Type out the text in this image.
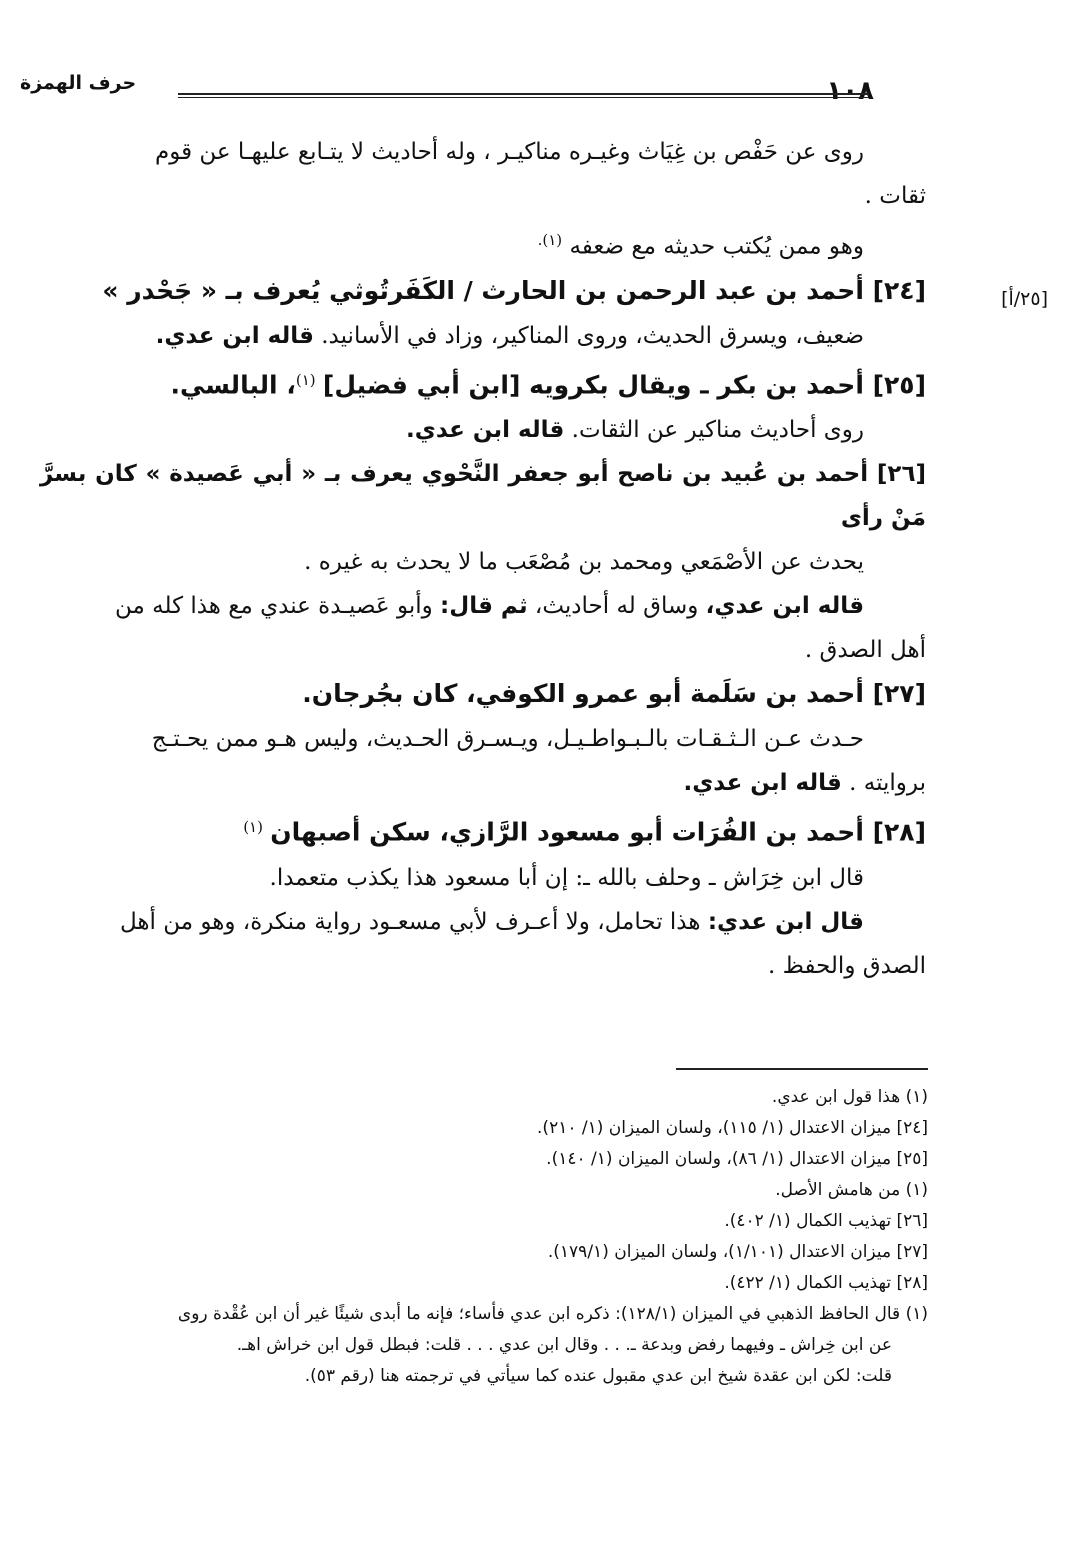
١٠٨
حرف الهمزة
[٢٥/أ]
روى عن حَفْص بن غِيَاث وغيـره مناكيـر ، وله أحاديث لا يتـابع عليهـا عن قوم
ثقات .
وهو ممن يُكتب حديثه مع ضعفه $^{(١).}$
[٢٤] أحمد بن عبد الرحمن بن الحارث / الكَفَرتُوثي يُعرف بـ « جَحْدر »
ضعيف، ويسرق الحديث، وروى المناكير، وزاد في الأسانيد. قاله ابن عدي.
[٢٥] أحمد بن بكر ـ ويقال بكرويه [ابن أبي فضيل] $^{(١)}$، البالسي.
روى أحاديث مناكير عن الثقات. قاله ابن عدي.
[٢٦] أحمد بن عُبيد بن ناصح أبو جعفر النَّحْوي يعرف بـ « أبي عَصيدة » كان بسرَّ مَنْ رأى
يحدث عن الأصْمَعي ومحمد بن مُصْعَب ما لا يحدث به غيره .
قاله ابن عدي، وساق له أحاديث، ثم قال: وأبو عَصيـدة عندي مع هذا كله من
أهل الصدق .
[٢٧] أحمد بن سَلَمة أبو عمرو الكوفي، كان بجُرجان.
حـدث عـن الـثـقـات بالـبـواطـيـل، ويـسـرق الحـديث، وليس هـو ممن يحـتـج
بروايته . قاله ابن عدي.
[٢٨] أحمد بن الفُرَات أبو مسعود الرَّازي، سكن أصبهان $^{(١)}$
قال ابن خِرَاش ـ وحلف بالله ـ: إن أبا مسعود هذا يكذب متعمدا.
قال ابن عدي: هذا تحامل، ولا أعـرف لأبي مسعـود رواية منكرة، وهو من أهل
الصدق والحفظ .

(١) هذا قول ابن عدي.

[٢٤] ميزان الاعتدال (١/ ١١٥)، ولسان الميزان (١/ ٢١٠).

[٢٥] ميزان الاعتدال (١/ ٨٦)، ولسان الميزان (١/ ١٤٠).

(١) من هامش الأصل.

[٢٦] تهذيب الكمال (١/ ٤٠٢).

[٢٧] ميزان الاعتدال (١/١٠١)، ولسان الميزان (١٧٩/١).

[٢٨] تهذيب الكمال (١/ ٤٢٢).

(١) قال الحافظ الذهبي في الميزان (١٢٨/١): ذكره ابن عدي فأساء؛ فإنه ما أبدى شيئًا غير أن ابن عُقْدة روى

عن ابن خِراش ـ وفيهما رفض وبدعة ـ. . . وقال ابن عدي . . . قلت: فبطل قول ابن خراش اهـ.

قلت: لكن ابن عقدة شيخ ابن عدي مقبول عنده كما سيأتي في ترجمته هنا (رقم ٥٣).
